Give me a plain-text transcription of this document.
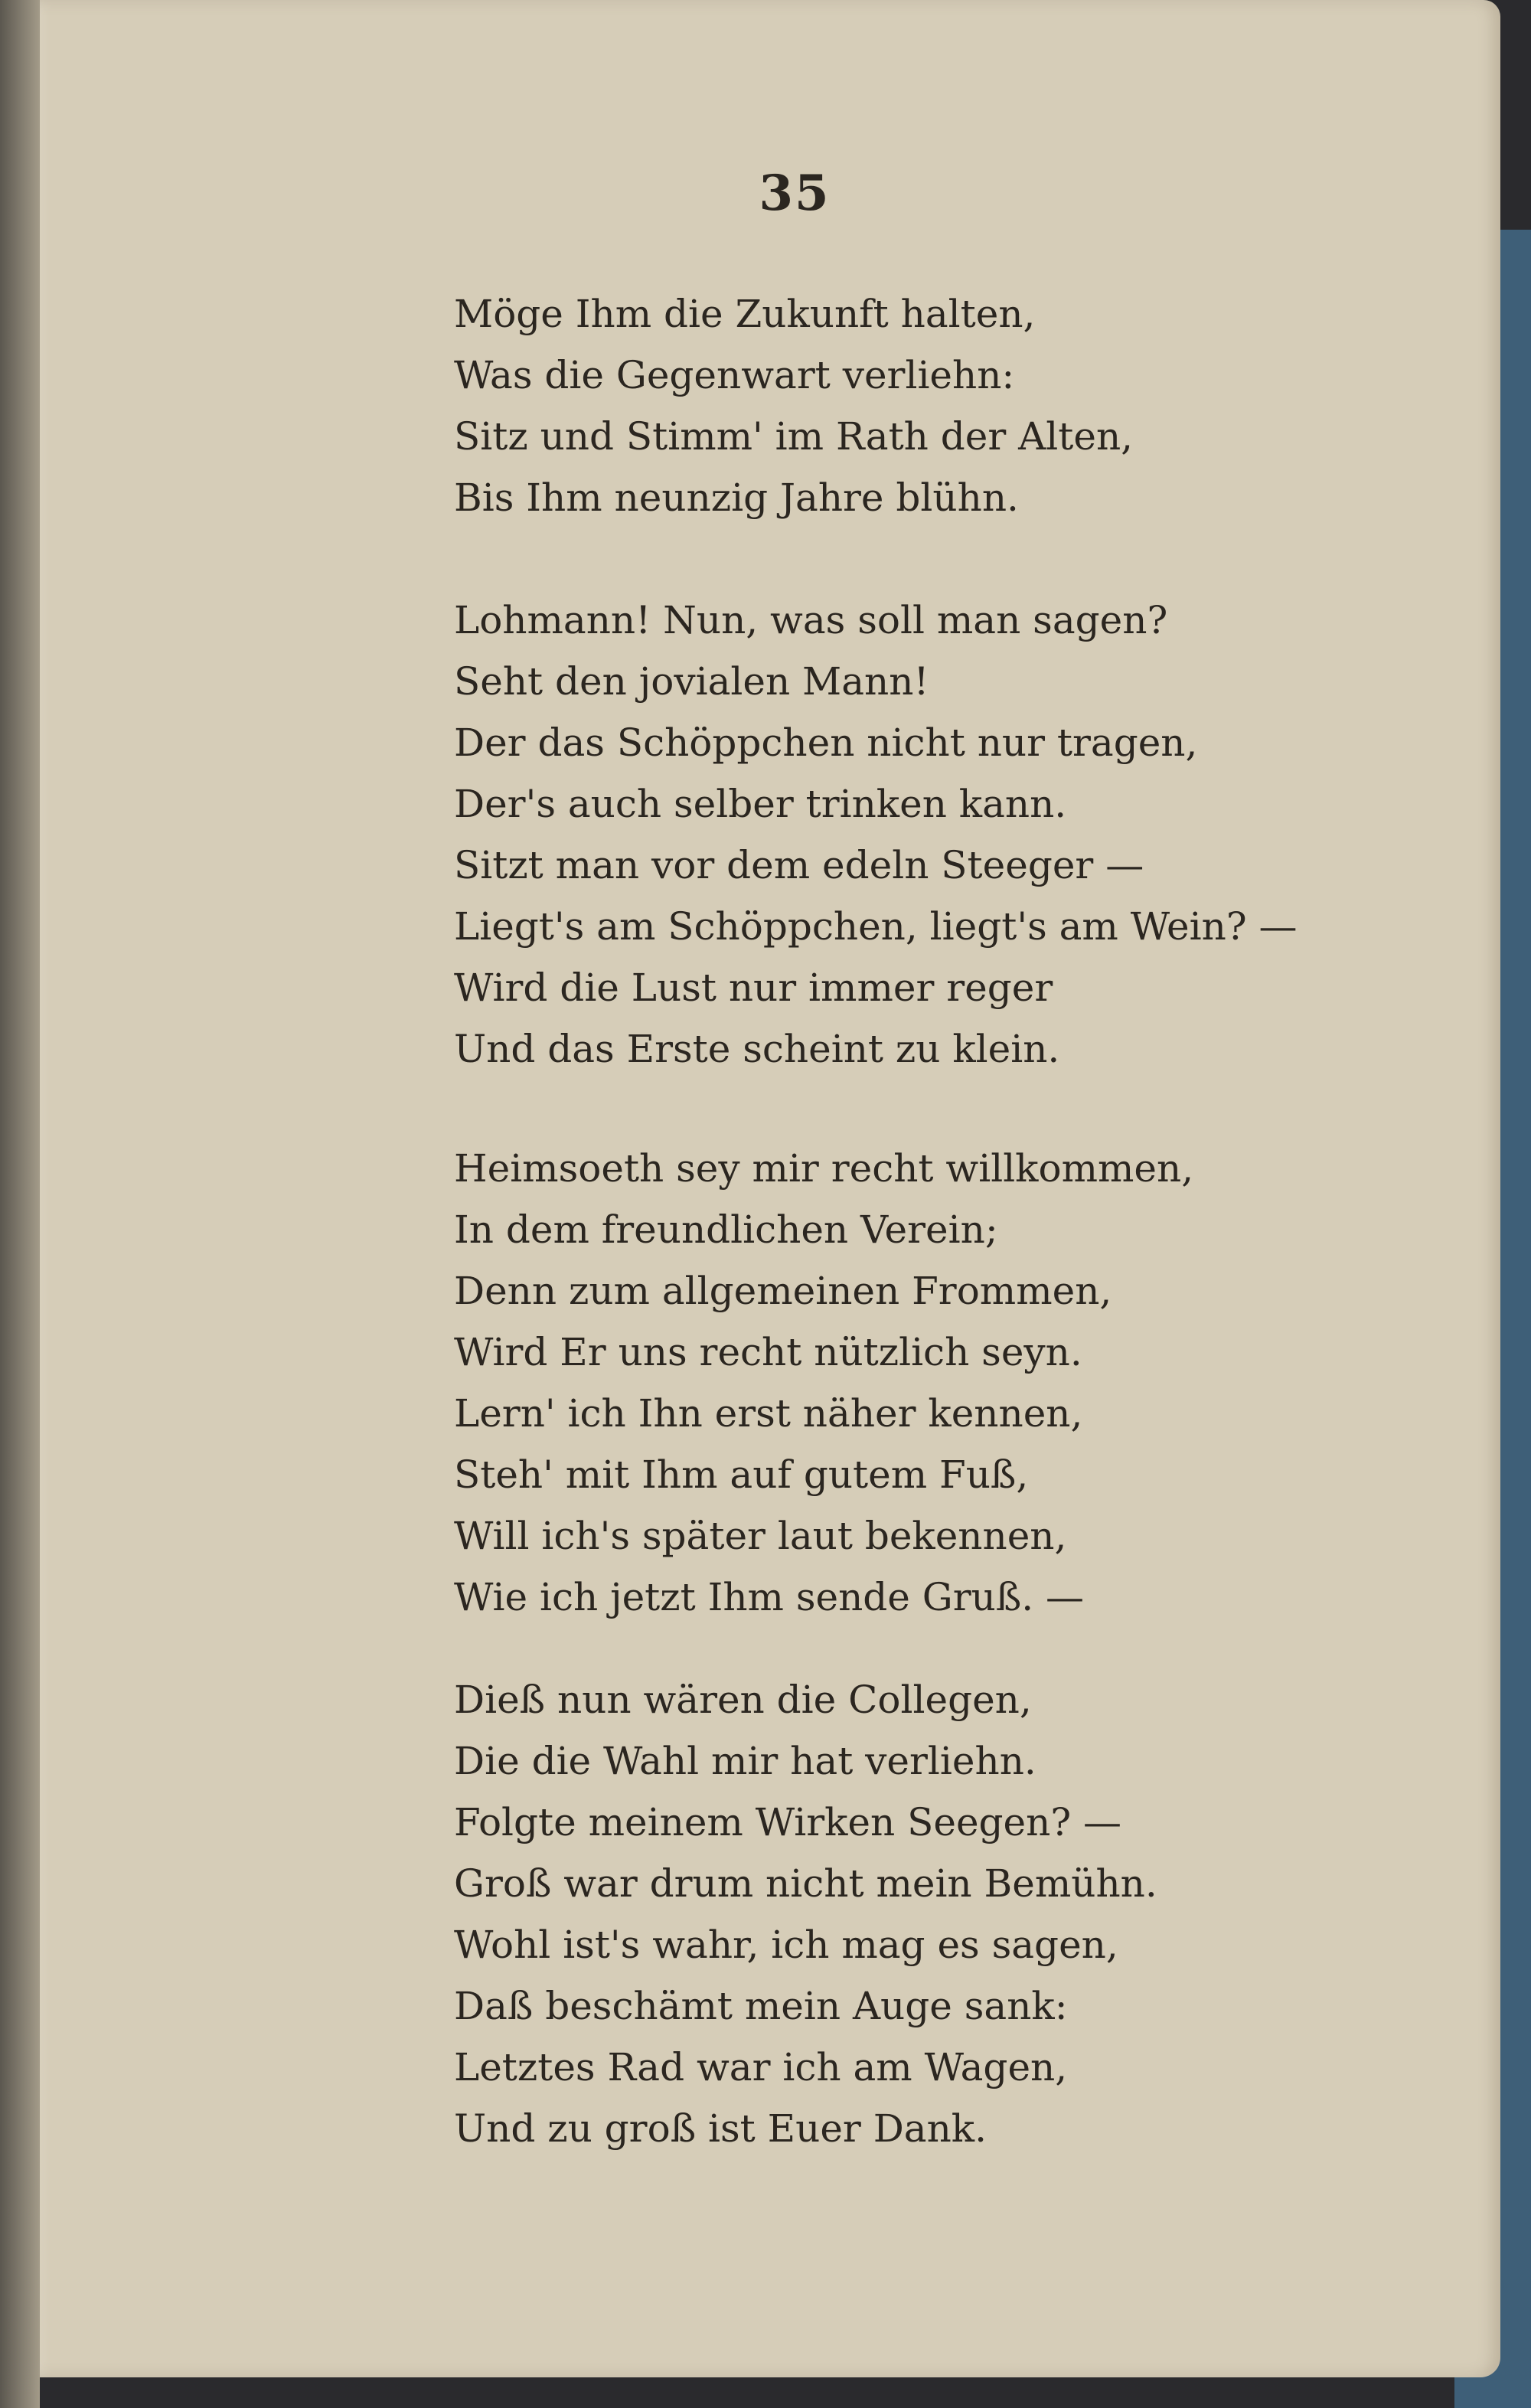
35
Möge Ihm die Zukunft halten,
Was die Gegenwart verliehn:
Sitz und Stimm' im Rath der Alten,
Bis Ihm neunzig Jahre blühn.
Lohmann! Nun, was soll man sagen?
Seht den jovialen Mann!
Der das Schöppchen nicht nur tragen,
Der's auch selber trinken kann.
Sitzt man vor dem edeln Steeger —
Liegt's am Schöppchen, liegt's am Wein? —
Wird die Lust nur immer reger
Und das Erste scheint zu klein.
Heimsoeth sey mir recht willkommen,
In dem freundlichen Verein;
Denn zum allgemeinen Frommen,
Wird Er uns recht nützlich seyn.
Lern' ich Ihn erst näher kennen,
Steh' mit Ihm auf gutem Fuß,
Will ich's später laut bekennen,
Wie ich jetzt Ihm sende Gruß. —
Dieß nun wären die Collegen,
Die die Wahl mir hat verliehn.
Folgte meinem Wirken Seegen? —
Groß war drum nicht mein Bemühn.
Wohl ist's wahr, ich mag es sagen,
Daß beschämt mein Auge sank:
Letztes Rad war ich am Wagen,
Und zu groß ist Euer Dank.
